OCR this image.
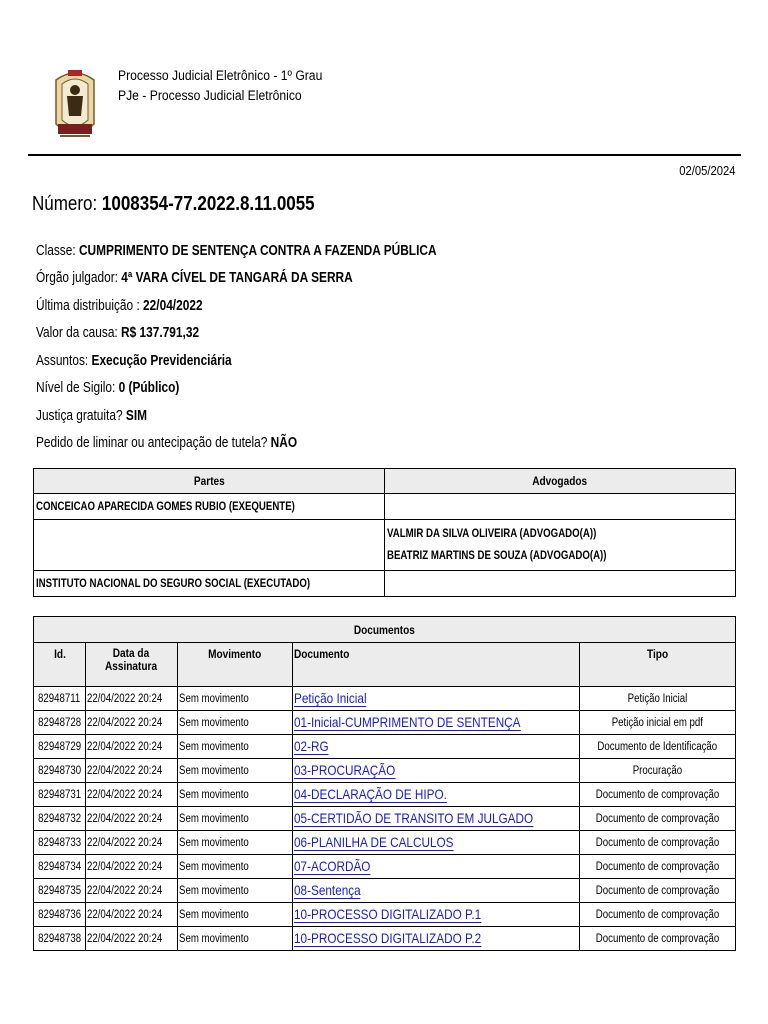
Processo Judicial Eletrônico - 1º Grau
PJe - Processo Judicial Eletrônico
02/05/2024
Número: 1008354-77.2022.8.11.0055
Classe: CUMPRIMENTO DE SENTENÇA CONTRA A FAZENDA PÚBLICA
Órgão julgador: 4ª VARA CÍVEL DE TANGARÁ DA SERRA
Última distribuição : 22/04/2022
Valor da causa: R$ 137.791,32
Assuntos: Execução Previdenciária
Nível de Sigilo: 0 (Público)
Justiça gratuita? SIM
Pedido de liminar ou antecipação de tutela? NÃO
Partes	Advogados
CONCEICAO APARECIDA GOMES RUBIO (EXEQUENTE)	
	VALMIR DA SILVA OLIVEIRA (ADVOGADO(A))
BEATRIZ MARTINS DE SOUZA (ADVOGADO(A))
INSTITUTO NACIONAL DO SEGURO SOCIAL (EXECUTADO)	
Documentos				
Id.	Data da Assinatura	Movimento	Documento	Tipo
82948711	22/04/2022 20:24	Sem movimento	Petição Inicial	Petição Inicial
82948728	22/04/2022 20:24	Sem movimento	01-Inicial-CUMPRIMENTO DE SENTENÇA	Petição inicial em pdf
82948729	22/04/2022 20:24	Sem movimento	02-RG	Documento de Identificação
82948730	22/04/2022 20:24	Sem movimento	03-PROCURAÇÃO	Procuração
82948731	22/04/2022 20:24	Sem movimento	04-DECLARAÇÃO DE HIPO.	Documento de comprovação
82948732	22/04/2022 20:24	Sem movimento	05-CERTIDÃO DE TRANSITO EM JULGADO	Documento de comprovação
82948733	22/04/2022 20:24	Sem movimento	06-PLANILHA DE CALCULOS	Documento de comprovação
82948734	22/04/2022 20:24	Sem movimento	07-ACORDÃO	Documento de comprovação
82948735	22/04/2022 20:24	Sem movimento	08-Sentença	Documento de comprovação
82948736	22/04/2022 20:24	Sem movimento	10-PROCESSO DIGITALIZADO P.1	Documento de comprovação
82948738	22/04/2022 20:24	Sem movimento	10-PROCESSO DIGITALIZADO P.2	Documento de comprovação
